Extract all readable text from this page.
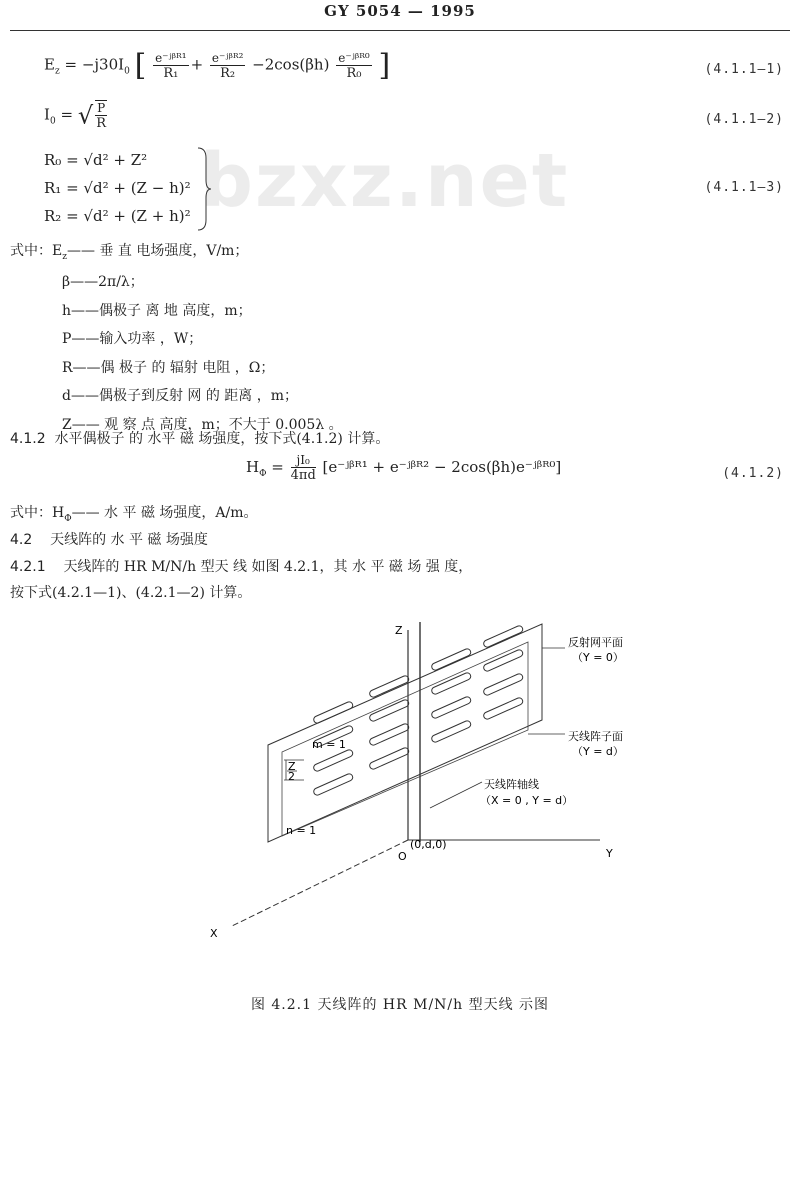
GY 5054 — 1995
bzxz.net
$E_z = -j30I_0$ [ $\frac{\text{e⁻ʲᵝᴿ¹}}{\text{R₁}} + \frac{\text{e⁻ʲᵝᴿ²}}{\text{R₂}} -2\cos(\beta h) \frac{\text{e⁻ʲᵝᴿ⁰}}{\text{R₀}}$ ]	(4.1.1—1)
$I_0$ = √ $\frac{P}{R}$	(4.1.1—2)
R₀ = √d² + Z²
R₁ = √d² + (Z − h)²
R₂ = √d² + (Z + h)²
(4.1.1—3)
式中：$E_z——$ 垂 直 电场强度，V/m；
β——2π/λ；
h——偶极子 离 地 高度，m；
P——输入功率 ，W；
R——偶 极子 的 辐射 电阻 ，Ω；
d——偶极子到反射 网 的 距离 ，m；
Z—— 观 察 点 高度，m；不大于 0.005λ 。
4.1.2 水平偶极子 的 水平 磁 场强度，按下式(4.1.2) 计算。
$H_\Phi = \frac{\text{jI₀}}{4\pi d}$ [e⁻ʲᵝᴿ¹ + e⁻ʲᵝᴿ² − 2cos(βh)e⁻ʲᵝᴿ⁰]	(4.1.2)
式中：$H_\Phi——$ 水 平 磁 场强度，A/m。
4.2 天线阵的 水 平 磁 场强度
4.2.1 天线阵的 HR M/N/h 型天 线 如图 4.2.1，其 水 平 磁 场 强 度，
按下式(4.2.1—1)、(4.2.1—2) 计算。
Z
2
m = 1
n = 1
反射网平面
（Y = 0）
天线阵子面
（Y = d）
天线阵轴线
（X = 0 , Y = d）
Z
Y
X
O
(0,d,0)
图 4.2.1 天线阵的 HR M/N/h 型天线 示图
